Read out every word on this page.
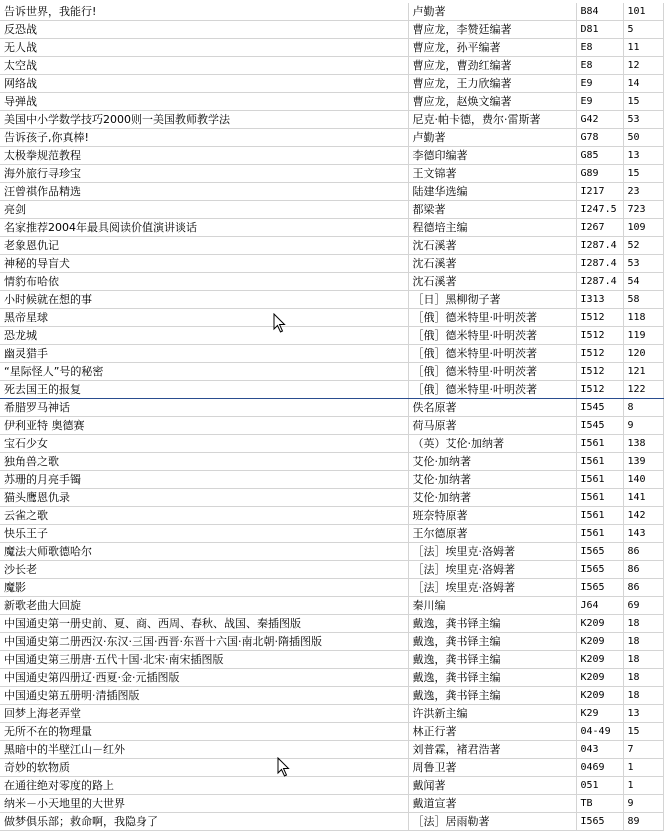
告诉世界，我能行!	卢勤著	B84	101
反恐战	曹应龙，李赞廷编著	D81	5
无人战	曹应龙，孙平编著	E8	11
太空战	曹应龙，曹劲红编著	E8	12
网络战	曹应龙，王力欣编著	E9	14
导弹战	曹应龙，赵焕文编著	E9	15
美国中小学数学技巧2000则一美国教师教学法	尼克·帕卡德，费尔·雷斯著	G42	53
告诉孩子,你真棒!	卢勤著	G78	50
太极拳规范教程	李德印编著	G85	13
海外旅行寻珍宝	王文锦著	G89	15
汪曾祺作品精选	陆建华选编	I217	23
亮剑	都梁著	I247.5	723
名家推荐2004年最具阅读价值演讲谈话	程德培主编	I267	109
老象恩仇记	沈石溪著	I287.4	52
神秘的导盲犬	沈石溪著	I287.4	53
情豹布哈依	沈石溪著	I287.4	54
小时候就在想的事	［日］黑柳彻子著	I313	58
黑帝星球	［俄］德米特里·叶明茨著	I512	118
恐龙城	［俄］德米特里·叶明茨著	I512	119
幽灵猎手	［俄］德米特里·叶明茨著	I512	120
“星际怪人”号的秘密	［俄］德米特里·叶明茨著	I512	121
死去国王的报复	［俄］德米特里·叶明茨著	I512	122
希腊罗马神话	佚名原著	I545	8
伊利亚特 奥德赛	荷马原著	I545	9
宝石少女	（英）艾伦·加纳著	I561	138
独角兽之歌	艾伦·加纳著	I561	139
苏珊的月亮手镯	艾伦·加纳著	I561	140
猫头鹰恩仇录	艾伦·加纳著	I561	141
云雀之歌	班奈特原著	I561	142
快乐王子	王尔德原著	I561	143
魔法大师歌德哈尔	［法］埃里克·洛姆著	I565	86
沙长老	［法］埃里克·洛姆著	I565	86
魔影	［法］埃里克·洛姆著	I565	86
新歌老曲大回旋	秦川编	J64	69
中国通史第一册史前、夏、商、西周、春秋、战国、秦插图版	戴逸，龚书铎主编	K209	18
中国通史第二册西汉·东汉·三国·西晋·东晋十六国·南北朝·隋插图版	戴逸，龚书铎主编	K209	18
中国通史第三册唐·五代十国·北宋·南宋插图版	戴逸，龚书铎主编	K209	18
中国通史第四册辽·西夏·金·元插图版	戴逸，龚书铎主编	K209	18
中国通史第五册明·清插图版	戴逸，龚书铎主编	K209	18
回梦上海老弄堂	许洪新主编	K29	13
无所不在的物理量	林正行著	04-49	15
黑暗中的半壁江山－红外	刘普霖，褚君浩著	043	7
奇妙的软物质	周鲁卫著	0469	1
在通往绝对零度的路上	戴闻著	051	1
纳米－小天地里的大世界	戴道宣著	TB	9
做梦俱乐部；救命啊，我隐身了	［法］居雨勒著	I565	89
